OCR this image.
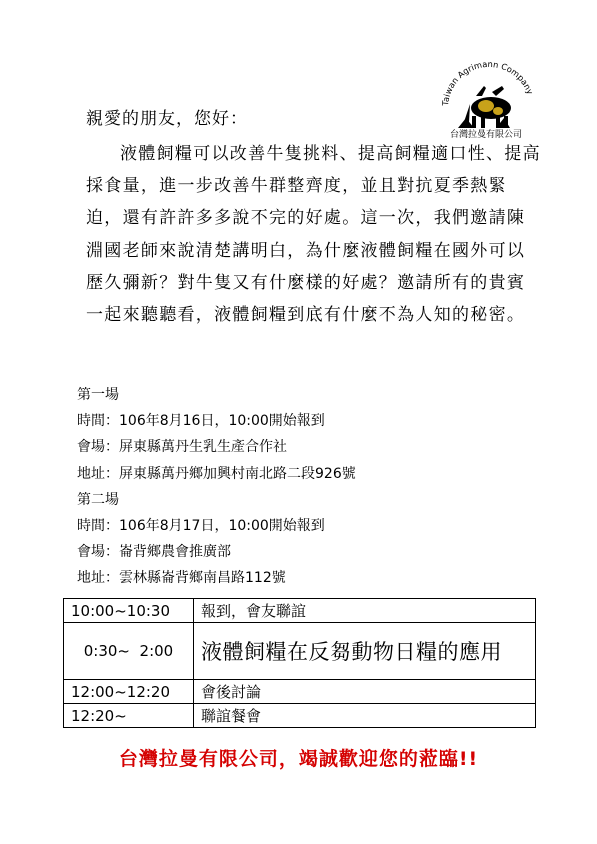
Taiwan Agrimann Company
台灣拉曼有限公司
親愛的朋友，您好：

液體飼糧可以改善牛隻挑料、提高飼糧適口性、提高採食量，進一步改善牛群整齊度，並且對抗夏季熱緊迫，還有許許多多說不完的好處。這一次，我們邀請陳淵國老師來說清楚講明白，為什麼液體飼糧在國外可以歷久彌新？對牛隻又有什麼樣的好處？邀請所有的貴賓一起來聽聽看，液體飼糧到底有什麼不為人知的秘密。

第一場
時間：106年8月16日，10:00開始報到
會場：屏東縣萬丹生乳生產合作社
地址：屏東縣萬丹鄉加興村南北路二段926號
第二場
時間：106年8月17日，10:00開始報到
會場：崙背鄉農會推廣部
地址：雲林縣崙背鄉南昌路112號
10:00~10:30	報到，會友聯誼
0:30~  2:00	液體飼糧在反芻動物日糧的應用
12:00~12:20	會後討論
12:20~	聯誼餐會
台灣拉曼有限公司，竭誠歡迎您的蒞臨!!
